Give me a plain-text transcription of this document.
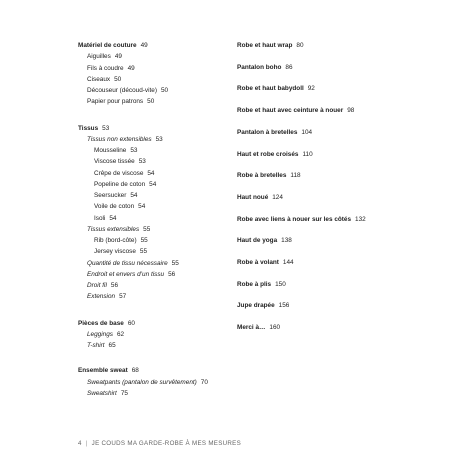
Matériel de couture 49
Aiguilles 49
Fils à coudre 49
Ciseaux 50
Découseur (découd-vite) 50
Papier pour patrons 50
Tissus 53
Tissus non extensibles 53
Mousseline 53
Viscose tissée 53
Crêpe de viscose 54
Popeline de coton 54
Seersucker 54
Voile de coton 54
Isoli 54
Tissus extensibles 55
Rib (bord-côte) 55
Jersey viscose 55
Quantité de tissu nécessaire 55
Endroit et envers d’un tissu 56
Droit fil 56
Extension 57
Pièces de base 60
Leggings 62
T-shirt 65
Ensemble sweat 68
Sweatpants (pantalon de survêtement) 70
Sweatshirt 75
Robe et haut wrap 80
Pantalon boho 86
Robe et haut babydoll 92
Robe et haut avec ceinture à nouer 98
Pantalon à bretelles 104
Haut et robe croisés 110
Robe à bretelles 118
Haut noué 124
Robe avec liens à nouer sur les côtés 132
Haut de yoga 138
Robe à volant 144
Robe à plis 150
Jupe drapée 156
Merci à… 160
4 | JE COUDS MA GARDE-ROBE À MES MESURES
